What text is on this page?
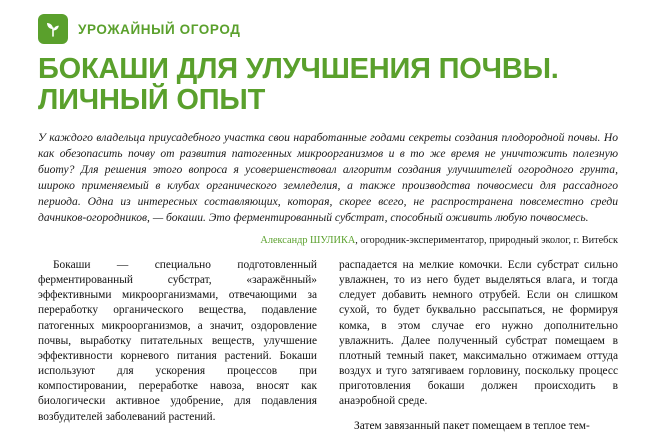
УРОЖАЙНЫЙ ОГОРОД
БОКАШИ ДЛЯ УЛУЧШЕНИЯ ПОЧВЫ. ЛИЧНЫЙ ОПЫТ

У каждого владельца приусадебного участка свои наработанные годами секреты создания плодородной почвы. Но как обезопасить почву от развития патогенных микроорганизмов и в то же время не уничтожить полезную биоту? Для решения этого вопроса я усовершенствовал алгоритм создания улучшителей огородного грунта, широко применяемый в клубах органического земледелия, а также производства почвосмеси для рассадного периода. Одна из интересных составляющих, которая, скорее всего, не распространена повсеместно среди дачников-огородников, — бокаши. Это ферментированный субстрат, способный оживить любую почвосмесь.

Александр ШУЛИКА, огородник-экспериментатор, природный эколог, г. Витебск

Бокаши — специально подготовленный ферментированный субстрат, «заражённый» эффективными микроорганизмами, отвечающими за переработку органического вещества, подавление патогенных микроорганизмов, а значит, оздоровление почвы, выработку питательных веществ, улучшение эффективности корневого питания растений. Бокаши используют для ускорения процессов при компостировании, переработке навоза, вносят как биологически активное удобрение, для подавления возбудителей заболеваний растений.

распадается на мелкие комочки. Если субстрат сильно увлажнен, то из него будет выделяться влага, и тогда следует добавить немного отрубей. Если он слишком сухой, то будет буквально рассыпаться, не формируя комка, в этом случае его нужно дополнительно увлажнить. Далее полученный субстрат помещаем в плотный темный пакет, максимально отжимаем оттуда воздух и туго затягиваем горловину, поскольку процесс приготовления бокаши должен происходить в анаэробной среде.

Затем завязанный пакет помещаем в теплое тем-
